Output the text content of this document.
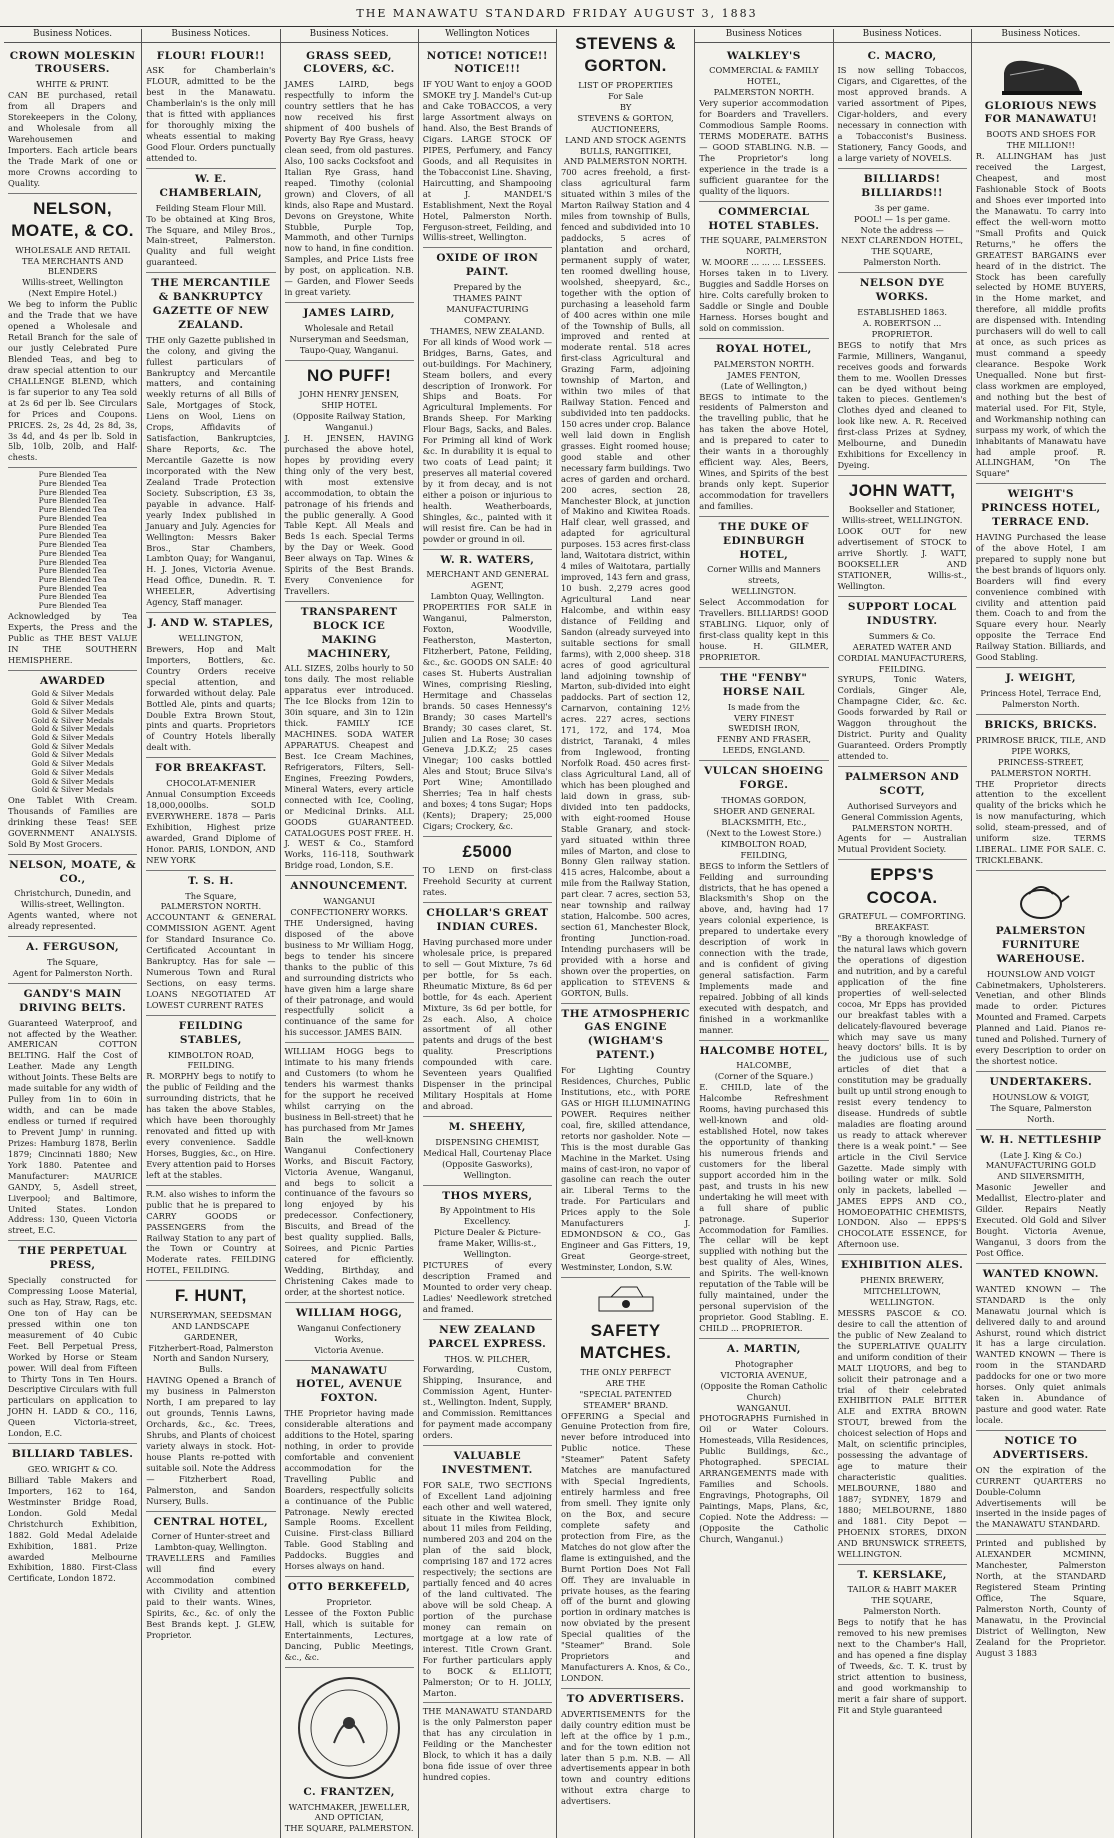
THE MANAWATU STANDARD FRIDAY AUGUST 3, 1883
Business Notices.
CROWN MOLESKIN TROUSERS.
WHITE & PRINT.

CAN BE purchased, retail from all Drapers and Storekeepers in the Colony, and Wholesale from all Warehousemen and Importers. Each article bears the Trade Mark of one or more Crowns according to Quality.

NELSON, MOATE, & CO.
WHOLESALE AND RETAIL
TEA MERCHANTS AND BLENDERS
Willis-street, Wellington
(Next Empire Hotel.)

We beg to inform the Public and the Trade that we have opened a Wholesale and Retail Branch for the sale of our justly Celebrated Pure Blended Teas, and beg to draw special attention to our CHALLENGE BLEND, which is far superior to any Tea sold at 2s 6d per lb. See Circulars for Prices and Coupons. PRICES. 2s, 2s 4d, 2s 8d, 3s, 3s 4d, and 4s per lb. Sold in 5lb, 10lb, 20lb, and Half-chests.

Pure Blended Tea
Pure Blended Tea
Pure Blended Tea
Pure Blended Tea
Pure Blended Tea
Pure Blended Tea
Pure Blended Tea
Pure Blended Tea
Pure Blended Tea
Pure Blended Tea
Pure Blended Tea
Pure Blended Tea
Pure Blended Tea
Pure Blended Tea
Pure Blended Tea
Pure Blended Tea

Acknowledged by Tea Experts, the Press and the Public as THE BEST VALUE IN THE SOUTHERN HEMISPHERE.

AWARDED
Gold & Silver Medals
Gold & Silver Medals
Gold & Silver Medals
Gold & Silver Medals
Gold & Silver Medals
Gold & Silver Medals
Gold & Silver Medals
Gold & Silver Medals
Gold & Silver Medals
Gold & Silver Medals
Gold & Silver Medals
Gold & Silver Medals

One Tablet With Cream. Thousands of Families are drinking these Teas! SEE GOVERNMENT ANALYSIS. Sold By Most Grocers.

NELSON, MOATE, & CO.,
Christchurch, Dunedin, and Willis-street, Wellington.

Agents wanted, where not already represented.

A. FERGUSON,
The Square,
Agent for Palmerston North.
GANDY'S MAIN DRIVING BELTS.

Guaranteed Waterproof, and not affected by the Weather. AMERICAN COTTON BELTING. Half the Cost of Leather. Made any Length without Joints. These Belts are made suitable for any width of Pulley from 1in to 60in in width, and can be made endless or turned if required to Prevent Jump' in running. Prizes: Hamburg 1878, Berlin 1879; Cincinnati 1880; New York 1880. Patentee and Manufacturer: MAURICE GANDY, 5, Asdell street, Liverpool; and Baltimore, United States. London Address: 130, Queen Victoria street, E.C.

THE PERPETUAL PRESS,

Specially constructed for Compressing Loose Material, such as Hay, Straw, Rags, etc. One ton of Hay can be pressed within one ton measurement of 40 Cubic Feet. Bell Perpetual Press, Worked by Horse or Steam power. Will deal from Fifteen to Thirty Tons in Ten Hours. Descriptive Circulars with full particulars on application to JOHN H. LADD & CO., 116, Queen Victoria-street, London, E.C.

BILLIARD TABLES.
GEO. WRIGHT & CO.

Billiard Table Makers and Importers, 162 to 164, Westminster Bridge Road, London. Gold Medal Christchurch Exhibition, 1882. Gold Medal Adelaide Exhibition, 1881. Prize awarded Melbourne Exhibition, 1880. First-Class Certificate, London 1872.

Business Notices.
FLOUR! FLOUR!!

ASK for Chamberlain's FLOUR, admitted to be the best in the Manawatu. Chamberlain's is the only mill that is fitted with appliances for thoroughly mixing the wheats essential to making Good Flour. Orders punctually attended to.

W. E. CHAMBERLAIN,
Feilding Steam Flour Mill.

To be obtained at King Bros, The Square, and Miley Bros., Main-street, Palmerston. Quality and full weight guaranteed.

THE MERCANTILE & BANKRUPTCY GAZETTE OF NEW ZEALAND.

THE only Gazette published in the colony, and giving the fullest particulars of Bankruptcy and Mercantile matters, and containing weekly returns of all Bills of Sale, Mortgages of Stock, Liens on Wool, Liens on Crops, Affidavits of Satisfaction, Bankruptcies, Share Reports, &c. The Mercantile Gazette is now incorporated with the New Zealand Trade Protection Society. Subscription, £3 3s, payable in advance. Half-yearly Index published in January and July. Agencies for Wellington: Messrs Baker Bros., Star Chambers, Lambton Quay; for Wanganui, H. J. Jones, Victoria Avenue. Head Office, Dunedin. R. T. WHEELER, Advertising Agency, Staff manager.

J. AND W. STAPLES,
WELLINGTON,

Brewers, Hop and Malt Importers, Bottlers, &c. Country Orders receive special attention, and forwarded without delay. Pale Bottled Ale, pints and quarts; Double Extra Brown Stout, pints and quarts. Proprietors of Country Hotels liberally dealt with.

FOR BREAKFAST.
CHOCOLAT-MENIER

Annual Consumption Exceeds 18,000,000lbs. SOLD EVERYWHERE. 1878 — Paris Exhibition, Highest prize awarded, Grand Diplome of Honor. PARIS, LONDON, AND NEW YORK

T. S. H.
The Square,
PALMERSTON NORTH.

ACCOUNTANT & GENERAL COMMISSION AGENT. Agent for Standard Insurance Co. Certificated Accountant in Bankruptcy. Has for sale — Numerous Town and Rural Sections, on easy terms. LOANS NEGOTIATED AT LOWEST CURRENT RATES

FEILDING STABLES,
KIMBOLTON ROAD,
FEILDING.

R. MORPHY begs to notify to the public of Feilding and the surrounding districts, that he has taken the above Stables, which have been thoroughly renovated and fitted up with every convenience. Saddle Horses, Buggies, &c., on Hire. Every attention paid to Horses left at the stables.

R.M. also wishes to inform the public that he is prepared to CARRY GOODS or PASSENGERS from the Railway Station to any part of the Town or Country at Moderate rates. FEILDING HOTEL, FEILDING.

F. HUNT,
NURSERYMAN, SEEDSMAN AND LANDSCAPE GARDENER,
Fitzherbert-Road, Palmerston North and Sandon Nursery, Bulls.

HAVING Opened a Branch of my business in Palmerston North, I am prepared to lay out grounds, Tennis Lawns, Orchards, &c., &c. Trees, Shrubs, and Plants of choicest variety always in stock. Hot-house Plants re-potted with suitable soil. Note the Address — Fitzherbert Road, Palmerston, and Sandon Nursery, Bulls.

CENTRAL HOTEL,
Corner of Hunter-street and Lambton-quay, Wellington.

TRAVELLERS and Families will find every Accommodation combined with Civility and attention paid to their wants. Wines, Spirits, &c., &c. of only the Best Brands kept. J. GLEW, Proprietor.

Business Notices.
GRASS SEED, CLOVERS, &C.

JAMES LAIRD, begs respectfully to inform the country settlers that he has now received his first shipment of 400 bushels of Poverty Bay Rye Grass, heavy clean seed, from old pastures. Also, 100 sacks Cocksfoot and Italian Rye Grass, hand reaped. Timothy (colonial grown) and Clovers, of all kinds, also Rape and Mustard. Devons on Greystone, White Stubble, Purple Top, Mammoth, and other Turnips now to hand, in fine condition. Samples, and Price Lists free by post, on application. N.B. — Garden, and Flower Seeds in great variety.

JAMES LAIRD,
Wholesale and Retail Nurseryman and Seedsman,
Taupo-Quay, Wanganui.
NO PUFF!
JOHN HENRY JENSEN,
SHIP HOTEL
(Opposite Railway Station, Wanganui.)

J. H. JENSEN, HAVING purchased the above hotel, hopes by providing every thing only of the very best, with most extensive accommodation, to obtain the patronage of his friends and the public generally. A Good Table Kept. All Meals and Beds 1s each. Special Terms by the Day or Week. Good Beer always on Tap. Wines & Spirits of the Best Brands. Every Convenience for Travellers.

TRANSPARENT BLOCK ICE MAKING MACHINERY,

ALL SIZES, 20lbs hourly to 50 tons daily. The most reliable apparatus ever introduced. The Ice Blocks from 12in to 30in square, and 3in to 12in thick. FAMILY ICE MACHINES. SODA WATER APPARATUS. Cheapest and Best. Ice Cream Machines, Refrigerators, Filters, Sell-Engines, Freezing Powders, Mineral Waters, every article connected with Ice, Cooling, or Medicinal Drinks. ALL GOODS GUARANTEED. CATALOGUES POST FREE. H. J. WEST & Co., Stamford Works, 116-118, Southwark Bridge road, London, S.E.

ANNOUNCEMENT.
WANGANUI CONFECTIONERY WORKS.

THE Undersigned, having disposed of the above business to Mr William Hogg, begs to tender his sincere thanks to the public of this and surrounding districts who have given him a large share of their patronage, and would respectfully solicit a continuance of the same for his successor. JAMES BAIN.

WILLIAM HOGG begs to intimate to his many friends and Customers (to whom he tenders his warmest thanks for the support he received whilst carrying on the business in Bell-street) that he has purchased from Mr James Bain the well-known Wanganui Confectionery Works, and Biscuit Factory, Victoria Avenue, Wanganui, and begs to solicit a continuance of the favours so long enjoyed by his predecessor. Confectionery, Biscuits, and Bread of the best quality supplied. Balls, Soirees, and Picnic Parties catered for efficiently. Wedding, Birthday, and Christening Cakes made to order, at the shortest notice.

WILLIAM HOGG,
Wanganui Confectionery Works,
Victoria Avenue.
MANAWATU HOTEL, AVENUE FOXTON.

THE Proprietor having made considerable alterations and additions to the Hotel, sparing nothing, in order to provide comfortable and convenient accommodation for the Travelling Public and Boarders, respectfully solicits a continuance of the Public Patronage. Newly erected Sample Rooms. Excellent Cuisine. First-class Billiard Table. Good Stabling and Paddocks. Buggies and Horses always on hand.

OTTO BERKEFELD,
Proprietor.

Lessee of the Foxton Public Hall, which is suitable for Entertainments, Lectures, Dancing, Public Meetings, &c., &c.

C. FRANTZEN,
WATCHMAKER, JEWELLER, AND OPTICIAN,
THE SQUARE, PALMERSTON.
Wellington Notices
NOTICE! NOTICE!! NOTICE!!!

IF YOU Want to enjoy a GOOD SMOKE try J. Mandel's Cut-up and Cake TOBACCOS, a very large Assortment always on hand. Also, the Best Brands of Cigars. LARGE STOCK OF PIPES, Perfumery, and Fancy Goods, and all Requisites in the Tobacconist Line. Shaving, Haircutting, and Shampooing at J. MANDEL'S Establishment, Next the Royal Hotel, Palmerston North. Ferguson-street, Feilding, and Willis-street, Wellington.

OXIDE OF IRON PAINT.
Prepared by the
THAMES PAINT MANUFACTURING COMPANY.
THAMES, NEW ZEALAND.

For all kinds of Wood work — Bridges, Barns, Gates, and out-buildings. For Machinery, Steam boilers, and every description of Ironwork. For Ships and Boats. For Agricultural Implements. For Brands Sheep. For Marking Flour Bags, Sacks, and Bales. For Priming all kind of Work &c. In durability it is equal to two coats of Lead paint; it preserves all material covered by it from decay, and is not either a poison or injurious to health. Weatherboards, Shingles, &c., painted with it will resist fire. Can be had in powder or ground in oil.

W. R. WATERS,
MERCHANT AND GENERAL AGENT,
Lambton Quay, Wellington.

PROPERTIES FOR SALE in Wanganui, Palmerston, Foxton, Woodville, Featherston, Masterton, Fitzherbert, Patone, Feilding, &c., &c. GOODS ON SALE: 40 cases St. Huberts Australian Wines, comprising Riesling, Hermitage and Chasselas brands. 50 cases Hennessy's Brandy; 30 cases Martell's Brandy; 30 cases claret, St. Julien and La Rose; 30 cases Geneva J.D.K.Z; 25 cases Vinegar; 100 casks bottled Ales and Stout; Bruce Silva's Port Wine; Amontillado Sherries; Tea in half chests and boxes; 4 tons Sugar; Hops (Kents); Drapery; 25,000 Cigars; Crockery, &c.

£5000

TO LEND on first-class Freehold Security at current rates.

CHOLLAR'S GREAT INDIAN CURES.

Having purchased more under wholesale price, is prepared to sell — Gout Mixture, 7s 6d per bottle, for 5s each. Rheumatic Mixture, 8s 6d per bottle, for 4s each. Aperient Mixture, 3s 6d per bottle, for 2s each. Also, A choice assortment of all other patents and drugs of the best quality. Prescriptions compounded with care. Seventeen years Qualified Dispenser in the principal Military Hospitals at Home and abroad.

M. SHEEHY,
DISPENSING CHEMIST,
Medical Hall, Courtenay Place (Opposite Gasworks), Wellington.
THOS MYERS,
By Appointment to His Excellency.
Picture Dealer & Picture-frame Maker, Willis-st., Wellington.

PICTURES of every description Framed and Mounted to order very cheap. Ladies' Needlework stretched and framed.

NEW ZEALAND PARCEL EXPRESS.
THOS. W. PILCHER,

Forwarding, Custom, Shipping, Insurance, and Commission Agent, Hunter-st., Wellington. Indent, Supply, and Commission. Remittances for payment made accompany orders.

VALUABLE INVESTMENT.

FOR SALE, TWO SECTIONS of Excellent Land adjoining each other and well watered, situate in the Kiwitea Block, about 11 miles from Feilding, numbered 203 and 204 on the plan of the said block, comprising 187 and 172 acres respectively; the sections are partially fenced and 40 acres of the land cultivated. The above will be sold Cheap. A portion of the purchase money can remain on mortgage at a low rate of interest. Title Crown Grant. For further particulars apply to BOCK & ELLIOTT, Palmerston; Or to H. JOLLY, Marton.

THE MANAWATU STANDARD is the only Palmerston paper that has any circulation in Feilding or the Manchester Block, to which it has a daily bona fide issue of over three hundred copies.

STEVENS & GORTON.
LIST OF PROPERTIES
For Sale
BY
STEVENS & GORTON,
AUCTIONEERS,
LAND AND STOCK AGENTS
BULLS, RANGITIKEI,
AND PALMERSTON NORTH.

700 acres freehold, a first-class agricultural farm situated within 3 miles of the Marton Railway Station and 4 miles from township of Bulls, fenced and subdivided into 10 paddocks, 5 acres of plantation and orchard, permanent supply of water, ten roomed dwelling house, woolshed, sheepyard, &c., together with the option of purchasing a leasehold farm of 400 acres within one mile of the Township of Bulls, all improved and rented at moderate rental. 518 acres first-class Agricultural and Grazing Farm, adjoining township of Marton, and within two miles of that Railway Station. Fenced and subdivided into ten paddocks. 150 acres under crop. Balance well laid down in English grasses. Eight roomed house; good stable and other necessary farm buildings. Two acres of garden and orchard. 200 acres, section 28, Manchester Block, at junction of Makino and Kiwitea Roads. Half clear, well grassed, and adapted for agricultural purposes. 153 acres first-class land, Waitotara district, within 4 miles of Waitotara, partially improved, 143 fern and grass, 10 bush. 2,279 acres good Agricultural Land near Halcombe, and within easy distance of Feilding and Sandon (already surveyed into suitable sections for small farms), with 2,000 sheep. 318 acres of good agricultural land adjoining township of Marton, sub-divided into eight paddocks. Part of section 12, Carnarvon, containing 12½ acres. 227 acres, sections 171, 172, and 174, Moa district, Taranaki, 4 miles from Inglewood, fronting Norfolk Road. 450 acres first-class Agricultural Land, all of which has been ploughed and laid down in grass, sub-divided into ten paddocks, with eight-roomed House Stable Granary, and stock-yard situated within three miles of Marton, and close to Bonny Glen railway station. 415 acres, Halcombe, about a mile from the Railway Station, part clear. 7 acres, section 53, near township and railway station, Halcombe. 500 acres, section 61, Manchester Block, fronting Junction-road. Intending purchasers will be provided with a horse and shown over the properties, on application to STEVENS & GORTON, Bulls.

THE ATMOSPHERIC GAS ENGINE (WIGHAM'S PATENT.)

For Lighting Country Residences, Churches, Public Institutions, etc., with PORE GAS or HIGH ILLUMINATING POWER. Requires neither coal, fire, skilled attendance, retorts nor gasholder. Note — This is the most durable Gas Machine in the Market. Using mains of cast-iron, no vapor of gasoline can reach the outer air. Liberal Terms to the trade. For Particulars and Prices apply to the Sole Manufacturers J. EDMONDSON & CO., Gas Engineer and Gas Fitters, 19, Great George-street, Westminster, London, S.W.

SAFETY MATCHES.
THE ONLY PERFECT
ARE THE
"SPECIAL PATENTED STEAMER" BRAND.

OFFERING a Special and Genuine Protection from fire, never before introduced into Public notice. These "Steamer" Patent Safety Matches are manufactured with Special Ingredients, entirely harmless and free from smell. They ignite only on the Box, and secure complete safety and protection from Fire, as the Matches do not glow after the flame is extinguished, and the Burnt Portion Does Not Fall Off. They are invaluable in private houses, as the fearing off of the burnt and glowing portion in ordinary matches is now obviated by the present Special qualities of the "Steamer" Brand. Sole Proprietors and Manufacturers A. Knos, & Co., LONDON.

TO ADVERTISERS.

ADVERTISEMENTS for the daily country edition must be left at the office by 1 p.m., and for the town edition not later than 5 p.m. N.B. — All advertisements appear in both town and country editions without extra charge to advertisers.

Business Notices
WALKLEY'S
COMMERCIAL & FAMILY HOTEL,
PALMERSTON NORTH.

Very superior accommodation for Boarders and Travellers. Commodious Sample Rooms. TERMS MODERATE. BATHS — GOOD STABLING. N.B. — The Proprietor's long experience in the trade is a sufficient guarantee for the quality of the liquors.

COMMERCIAL HOTEL STABLES.
THE SQUARE, PALMERSTON NORTH,
W. MOORE ... ... ... LESSEES.

Horses taken in to Livery. Buggies and Saddle Horses on hire. Colts carefully broken to Saddle or Single and Double Harness. Horses bought and sold on commission.

ROYAL HOTEL,
PALMERSTON NORTH.
JAMES FENTON,
(Late of Wellington,)

BEGS to intimate to the residents of Palmerston and the travelling public, that he has taken the above Hotel, and is prepared to cater to their wants in a thoroughly efficient way. Ales, Beers, Wines, and Spirits of the best brands only kept. Superior accommodation for travellers and families.

THE DUKE OF EDINBURGH HOTEL,
Corner Willis and Manners streets,
WELLINGTON.

Select Accommodation for Travellers. BILLIARDS! GOOD STABLING. Liquor, only of first-class quality kept in this house. H. GILMER, PROPRIETOR.

THE "FENBY" HORSE NAIL
Is made from the
VERY FINEST
SWEDISH IRON,
FENBY AND FRASER,
LEEDS, ENGLAND.
VULCAN SHOEING FORGE.
THOMAS GORDON,
SHOER AND GENERAL BLACKSMITH, Etc.,
(Next to the Lowest Store.)
KIMBOLTON ROAD, FEILDING,

BEGS to inform the Settlers of Feilding and surrounding districts, that he has opened a Blacksmith's Shop on the above, and, having had 17 years colonial experience, is prepared to undertake every description of work in connection with the trade, and is confident of giving general satisfaction. Farm Implements made and repaired. Jobbing of all kinds executed with despatch, and finished in a workmanlike manner.

HALCOMBE HOTEL,
HALCOMBE,
(Corner of the Square.)

E. CHILD, late of the Halcombe Refreshment Rooms, having purchased this well-known and old-established Hotel, now takes the opportunity of thanking his numerous friends and customers for the liberal support accorded him in the past, and trusts in his new undertaking he will meet with a full share of public patronage. Superior Accommodation for Families. The cellar will be kept supplied with nothing but the best quality of Ales, Wines, and Spirits. The well-known reputation of the Table will be fully maintained, under the personal supervision of the proprietor. Good Stabling. E. CHILD ... PROPRIETOR.

A. MARTIN,
Photographer
VICTORIA AVENUE,
(Opposite the Roman Catholic Church)
WANGANUI.

PHOTOGRAPHS Furnished in Oil or Water Colours. Homesteads, Villa Residences, Public Buildings, &c., Photographed. SPECIAL ARRANGEMENTS made with Families and Schools. Engravings, Photographs, Oil Paintings, Maps, Plans, &c, Copied. Note the Address: — (Opposite the Catholic Church, Wanganui.)

Business Notices.
C. MACRO,

IS now selling Tobaccos, Cigars, and Cigarettes, of the most approved brands. A varied assortment of Pipes, Cigar-holders, and every necessary in connection with a Tobacconist's Business. Stationery, Fancy Goods, and a large variety of NOVELS.

BILLIARDS! BILLIARDS!!
3s per game.
POOL! — 1s per game.
Note the address —
NEXT CLARENDON HOTEL,
THE SQUARE,
Palmerston North.
NELSON DYE WORKS.
ESTABLISHED 1863.
A. ROBERTSON ... PROPRIETOR.

BEGS to notify that Mrs Farmie, Milliners, Wanganui, receives goods and forwards them to me. Woollen Dresses can be dyed without being taken to pieces. Gentlemen's Clothes dyed and cleaned to look like new. A. R. Received first-class Prizes at Sydney, Melbourne, and Dunedin Exhibitions for Excellency in Dyeing.

JOHN WATT,
Bookseller and Stationer, Willis-street, WELLINGTON.

LOOK OUT for new advertisement of STOCK to arrive Shortly. J. WATT, BOOKSELLER AND STATIONER, Willis-st., Wellington.

SUPPORT LOCAL INDUSTRY.
Summers & Co.
AERATED WATER AND CORDIAL MANUFACTURERS, FEILDING.

SYRUPS, Tonic Waters, Cordials, Ginger Ale, Champagne Cider, &c. &c. Goods forwarded by Rail or Waggon throughout the District. Purity and Quality Guaranteed. Orders Promptly attended to.

PALMERSON AND SCOTT,
Authorised Surveyors and General Commission Agents,
PALMERSTON NORTH.

Agents for — Australian Mutual Provident Society.

EPPS'S COCOA.
GRATEFUL — COMFORTING.
BREAKFAST.

"By a thorough knowledge of the natural laws which govern the operations of digestion and nutrition, and by a careful application of the fine properties of well-selected cocoa, Mr Epps has provided our breakfast tables with a delicately-flavoured beverage which may save us many heavy doctors' bills. It is by the judicious use of such articles of diet that a constitution may be gradually built up until strong enough to resist every tendency to disease. Hundreds of subtle maladies are floating around us ready to attack wherever there is a weak point." — See article in the Civil Service Gazette. Made simply with boiling water or milk. Sold only in packets, labelled — JAMES EPPS AND CO., HOMOEOPATHIC CHEMISTS, LONDON. Also — EPPS'S CHOCOLATE ESSENCE, for Afternoon use.

EXHIBITION ALES.
PHENIX BREWERY,
MITCHELLTOWN, WELLINGTON.

MESSRS PASCOE & CO. desire to call the attention of the public of New Zealand to the SUPERLATIVE QUALITY and uniform condition of their MALT LIQUORS, and beg to solicit their patronage and a trial of their celebrated EXHIBITION PALE BITTER ALE and EXTRA BROWN STOUT, brewed from the choicest selection of Hops and Malt, on scientific principles, possessing the advantage of age to mature their characteristic qualities. MELBOURNE, 1880 and 1887; SYDNEY, 1879 and 1880; MELBOURNE, 1880 and 1881. City Depot — PHOENIX STORES, DIXON AND BRUNSWICK STREETS, WELLINGTON.

T. KERSLAKE,
TAILOR & HABIT MAKER
THE SQUARE,
Palmerston North.

Begs to notify that he has removed to his new premises next to the Chamber's Hall, and has opened a fine display of Tweeds, &c. T. K. trust by strict attention to business, and good workmanship to merit a fair share of support. Fit and Style guaranteed

Business Notices.
GLORIOUS NEWS FOR MANAWATU!
BOOTS AND SHOES FOR THE MILLION!!

R. ALLINGHAM has just received the Largest, Cheapest, and most Fashionable Stock of Boots and Shoes ever imported into the Manawatu. To carry into effect the well-worn motto "Small Profits and Quick Returns," he offers the GREATEST BARGAINS ever heard of in the district. The Stock has been carefully selected by HOME BUYERS, in the Home market, and therefore, all middle profits are dispensed with. Intending purchasers will do well to call at once, as such prices as must command a speedy clearance. Bespoke Work Unequalled. None but first-class workmen are employed, and nothing but the best of material used. For Fit, Style, and Workmanship nothing can surpass my work, of which the inhabitants of Manawatu have had ample proof. R. ALLINGHAM, "On The Square"

WEIGHT'S PRINCESS HOTEL, TERRACE END.

HAVING Purchased the lease of the above Hotel, I am prepared to supply none but the best brands of liquors only. Boarders will find every convenience combined with civility and attention paid them. Coach to and from the Square every hour. Nearly opposite the Terrace End Railway Station. Billiards, and Good Stabling.

J. WEIGHT,
Princess Hotel, Terrace End,
Palmerston North.
BRICKS, BRICKS.
PRIMROSE BRICK, TILE, AND PIPE WORKS,
PRINCESS-STREET, PALMERSTON NORTH.

THE Proprietor directs attention to the excellent quality of the bricks which he is now manufacturing, which solid, steam-pressed, and of uniform size. TERMS LIBERAL. LIME FOR SALE. C. TRICKLEBANK.

PALMERSTON FURNITURE WAREHOUSE.
HOUNSLOW AND VOIGT

Cabinetmakers, Upholsterers. Venetian, and other Blinds made to order. Pictures Mounted and Framed. Carpets Planned and Laid. Pianos re-tuned and Polished. Turnery of every Description to order on the shortest notice.

UNDERTAKERS.
HOUNSLOW & VOIGT,
The Square, Palmerston North.
W. H. NETTLESHIP
(Late J. King & Co.)
MANUFACTURING GOLD AND SILVERSMITH,

Masonic Jeweller and Medallist, Electro-plater and Gilder. Repairs Neatly Executed. Old Gold and Silver Bought. Victoria Avenue, Wanganui, 3 doors from the Post Office.

WANTED KNOWN.

WANTED KNOWN — The STANDARD is the only Manawatu journal which is delivered daily to and around Ashurst, round which district it has a large circulation. WANTED KNOWN — There is room in the STANDARD paddocks for one or two more horses. Only quiet animals taken in. Abundance of pasture and good water. Rate locale.

NOTICE TO ADVERTISERS.

ON the expiration of the CURRENT QUARTERS no Double-Column Advertisements will be inserted in the inside pages of the MANAWATU STANDARD.

Printed and published by ALEXANDER MCMINN, Manchester, Palmerston North, at the STANDARD Registered Steam Printing Office, The Square, Palmerston North, County of Manawatu, in the Provincial District of Wellington, New Zealand for the Proprietor. August 3 1883
